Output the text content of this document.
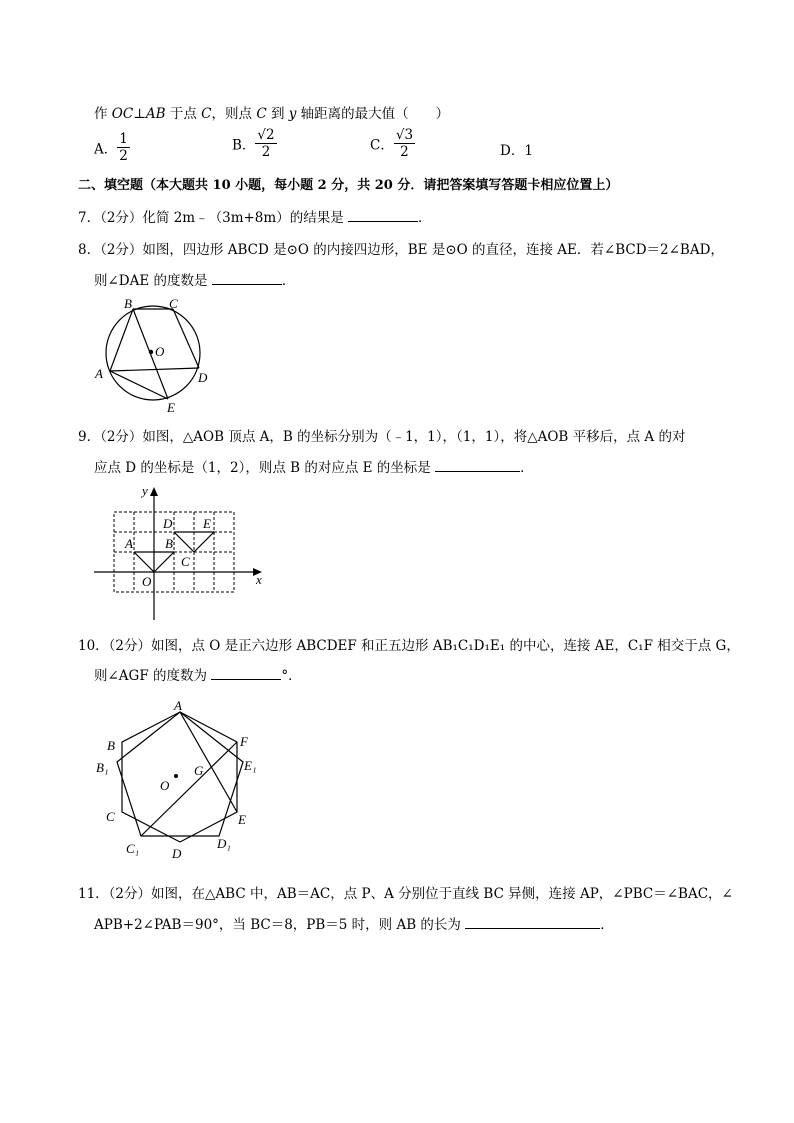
作 OC⊥AB 于点 C，则点 C 到 y 轴距离的最大值（　　）
A． $\frac{1}{2}$	B． $\frac{√2}{2}$	C． $\frac{√3}{2}$	D．1
二、填空题（本大题共 10 小题，每小题 2 分，共 20 分．请把答案填写答题卡相应位置上）
7．（2分）化简 2m﹣（3m+8m）的结果是	．
8．（2分）如图，四边形 ABCD 是⊙O 的内接四边形，BE 是⊙O 的直径，连接 AE．若∠BCD＝2∠BAD，
则∠DAE 的度数是	．
B	C
O
A	D
E
9．（2分）如图，△AOB 顶点 A，B 的坐标分别为（﹣1，1），（1，1），将△AOB 平移后，点 A 的对
应点 D 的坐标是（1，2），则点 B 的对应点 E 的坐标是	．
y
x
O
A B
C
D E
10．（2分）如图，点 O 是正六边形 ABCDEF 和正五边形 AB₁C₁D₁E₁ 的中心，连接 AE，C₁F 相交于点 G，
则∠AGF 的度数为	°．
A
B
B₁
C
C₁	D
D₁
E
E₁
F
G
O
11．（2分）如图，在△ABC 中，AB＝AC，点 P、A 分别位于直线 BC 异侧，连接 AP，∠PBC＝∠BAC，∠
APB+2∠PAB＝90°，当 BC＝8，PB＝5 时，则 AB 的长为	．
